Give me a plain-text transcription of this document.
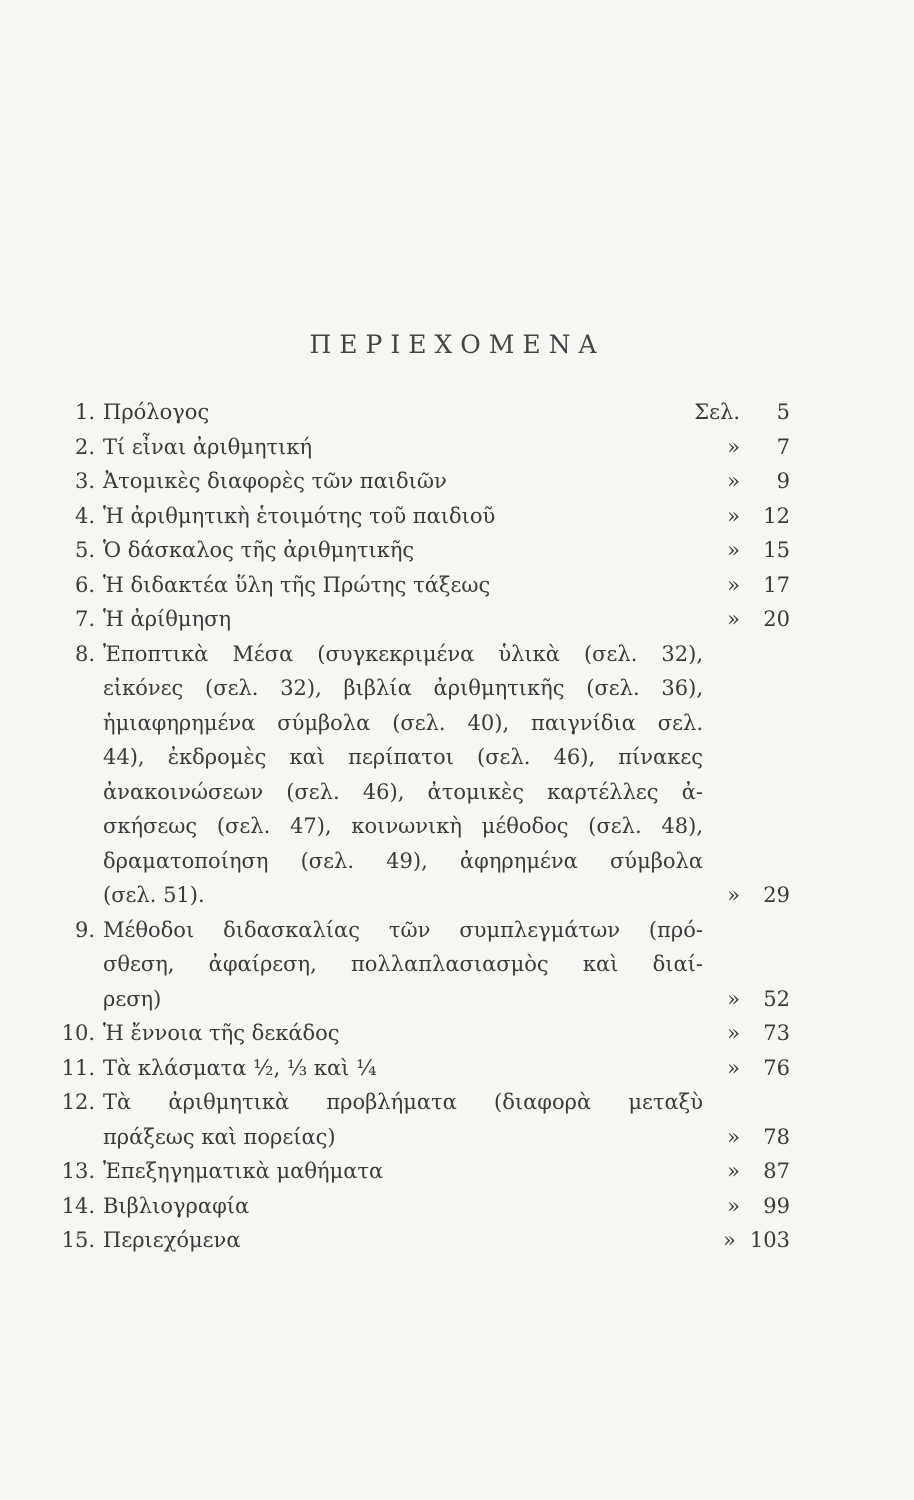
ΠΕΡΙΕΧΟΜΕΝΑ
1. Πρόλογος	Σελ.	5
2. Τί εἶναι ἀριθμητική	»	7
3. Ἀτομικὲς διαφορὲς τῶν παιδιῶν	»	9
4. Ἡ ἀριθμητικὴ ἑτοιμότης τοῦ παιδιοῦ	»	12
5. Ὁ δάσκαλος τῆς ἀριθμητικῆς	»	15
6. Ἡ διδακτέα ὕλη τῆς Πρώτης τάξεως	»	17
7. Ἡ ἀρίθμηση	»	20
8. Ἐποπτικὰ Μέσα (συγκεκριμένα ὑλικὰ (σελ. 32),
εἰκόνες (σελ. 32), βιβλία ἀριθμητικῆς (σελ. 36),
ἡμιαφηρημένα σύμβολα (σελ. 40), παιγνίδια σελ.
44), ἐκδρομὲς καὶ περίπατοι (σελ. 46), πίνακες
ἀνακοινώσεων (σελ. 46), ἀτομικὲς καρτέλλες ἀ-
σκήσεως (σελ. 47), κοινωνικὴ μέθοδος (σελ. 48),
δραματοποίηση (σελ. 49), ἀφηρημένα σύμβολα
(σελ. 51).	»	29
9. Μέθοδοι διδασκαλίας τῶν συμπλεγμάτων (πρό-
σθεση, ἀφαίρεση, πολλαπλασιασμὸς καὶ διαί-
ρεση)	»	52
10. Ἡ ἔννοια τῆς δεκάδος	»	73
11. Τὰ κλάσματα ½, ⅓ καὶ ¼	»	76
12. Τὰ ἀριθμητικὰ προβλήματα (διαφορὰ μεταξὺ
πράξεως καὶ πορείας)	»	78
13. Ἐπεξηγηματικὰ μαθήματα	»	87
14. Βιβλιογραφία	»	99
15. Περιεχόμενα	» 103
